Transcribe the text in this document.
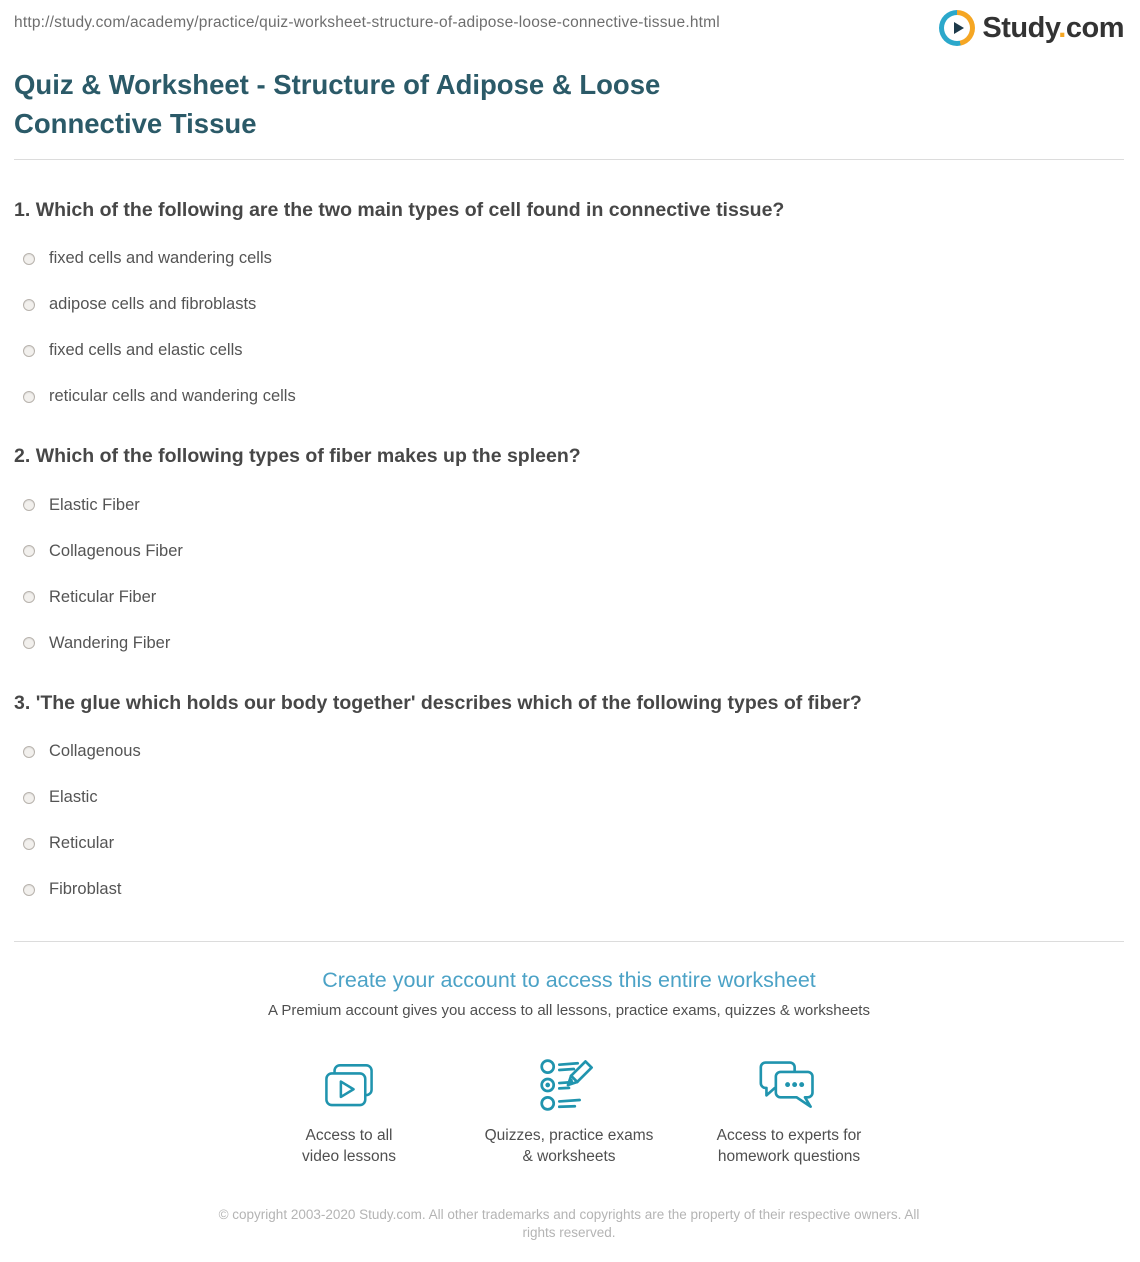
http://study.com/academy/practice/quiz-worksheet-structure-of-adipose-loose-connective-tissue.html	Study.com
Quiz & Worksheet - Structure of Adipose & Loose Connective Tissue
1. Which of the following are the two main types of cell found in connective tissue?
fixed cells and wandering cells
adipose cells and fibroblasts
fixed cells and elastic cells
reticular cells and wandering cells
2. Which of the following types of fiber makes up the spleen?
Elastic Fiber
Collagenous Fiber
Reticular Fiber
Wandering Fiber
3. 'The glue which holds our body together' describes which of the following types of fiber?
Collagenous
Elastic
Reticular
Fibroblast
Create your account to access this entire worksheet
A Premium account gives you access to all lessons, practice exams, quizzes & worksheets
Access to all
video lessons
Quizzes, practice exams
& worksheets
Access to experts for
homework questions
© copyright 2003-2020 Study.com. All other trademarks and copyrights are the property of their respective owners. All rights reserved.
